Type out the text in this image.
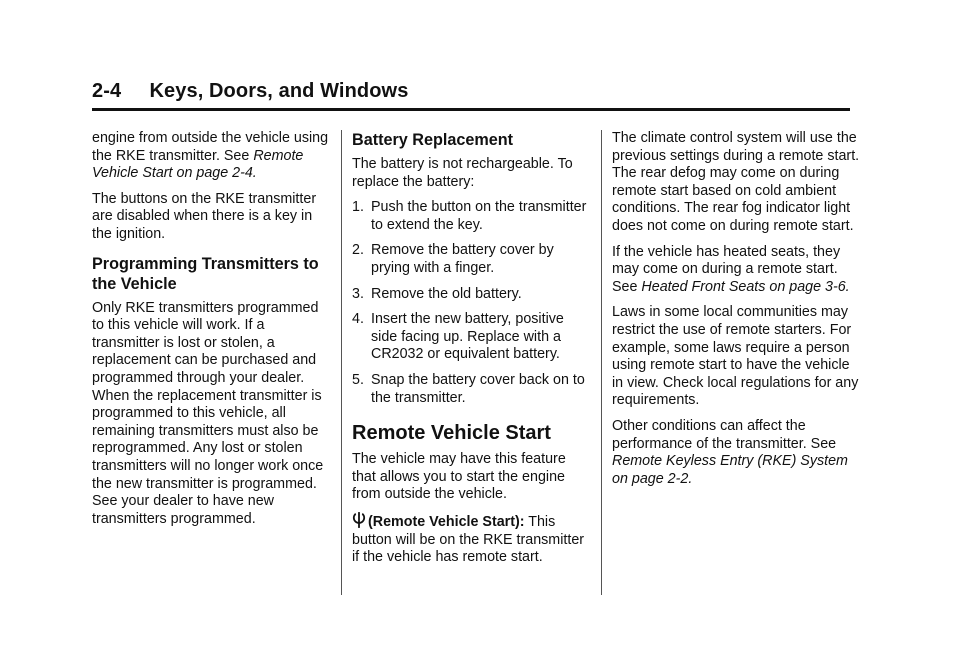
2-4     Keys, Doors, and Windows

engine from outside the vehicle using the RKE transmitter. See Remote Vehicle Start on page 2-4.

The buttons on the RKE transmitter are disabled when there is a key in the ignition.

Programming Transmitters to the Vehicle

Only RKE transmitters programmed to this vehicle will work. If a transmitter is lost or stolen, a replacement can be purchased and programmed through your dealer. When the replacement transmitter is programmed to this vehicle, all remaining transmitters must also be reprogrammed. Any lost or stolen transmitters will no longer work once the new transmitter is programmed. See your dealer to have new transmitters programmed.

Battery Replacement

The battery is not rechargeable. To replace the battery:

1. Push the button on the transmitter to extend the key.
2. Remove the battery cover by prying with a finger.
3. Remove the old battery.
4. Insert the new battery, positive side facing up. Replace with a CR2032 or equivalent battery.
5. Snap the battery cover back on to the transmitter.
Remote Vehicle Start

The vehicle may have this feature that allows you to start the engine from outside the vehicle.

(Remote Vehicle Start): This button will be on the RKE transmitter if the vehicle has remote start.

The climate control system will use the previous settings during a remote start. The rear defog may come on during remote start based on cold ambient conditions. The rear fog indicator light does not come on during remote start.

If the vehicle has heated seats, they may come on during a remote start. See Heated Front Seats on page 3-6.

Laws in some local communities may restrict the use of remote starters. For example, some laws require a person using remote start to have the vehicle in view. Check local regulations for any requirements.

Other conditions can affect the performance of the transmitter. See Remote Keyless Entry (RKE) System on page 2-2.
